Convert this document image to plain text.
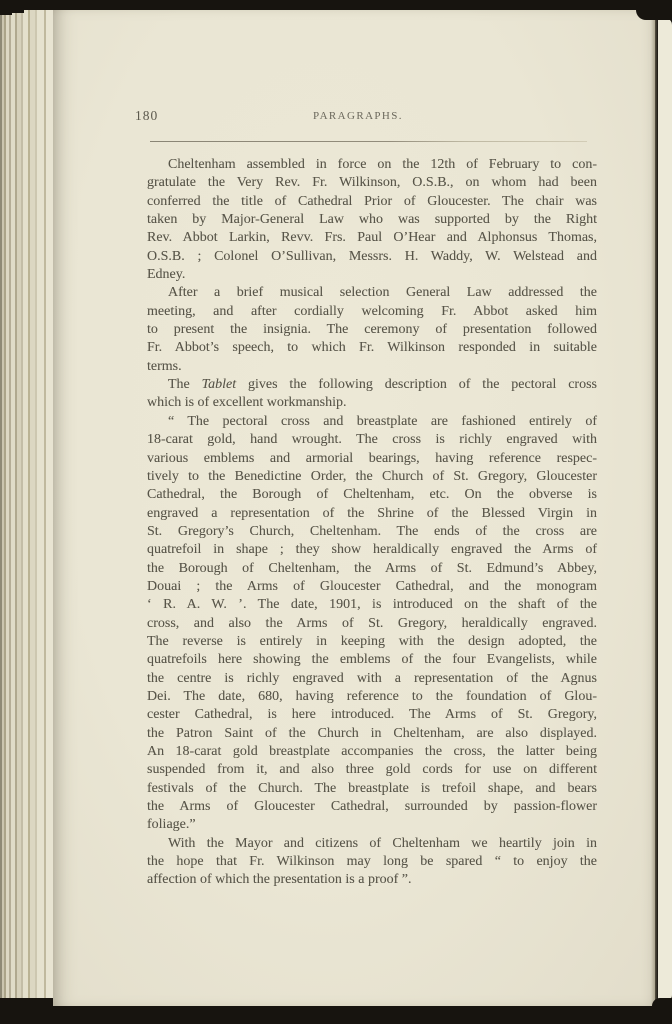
180	PARAGRAPHS.
Cheltenham assembled in force on the 12th of February to con-
gratulate the Very Rev. Fr. Wilkinson, O.S.B., on whom had been
conferred the title of Cathedral Prior of Gloucester. The chair was
taken by Major-General Law who was supported by the Right
Rev. Abbot Larkin, Revv. Frs. Paul O’Hear and Alphonsus Thomas,
O.S.B. ; Colonel O’Sullivan, Messrs. H. Waddy, W. Welstead and
Edney.
After a brief musical selection General Law addressed the
meeting, and after cordially welcoming Fr. Abbot asked him
to present the insignia. The ceremony of presentation followed
Fr. Abbot’s speech, to which Fr. Wilkinson responded in suitable
terms.
The Tablet gives the following description of the pectoral cross
which is of excellent workmanship.
“ The pectoral cross and breastplate are fashioned entirely of
18-carat gold, hand wrought. The cross is richly engraved with
various emblems and armorial bearings, having reference respec-
tively to the Benedictine Order, the Church of St. Gregory, Gloucester
Cathedral, the Borough of Cheltenham, etc. On the obverse is
engraved a representation of the Shrine of the Blessed Virgin in
St. Gregory’s Church, Cheltenham. The ends of the cross are
quatrefoil in shape ; they show heraldically engraved the Arms of
the Borough of Cheltenham, the Arms of St. Edmund’s Abbey,
Douai ; the Arms of Gloucester Cathedral, and the monogram
‘ R. A. W. ’. The date, 1901, is introduced on the shaft of the
cross, and also the Arms of St. Gregory, heraldically engraved.
The reverse is entirely in keeping with the design adopted, the
quatrefoils here showing the emblems of the four Evangelists, while
the centre is richly engraved with a representation of the Agnus
Dei. The date, 680, having reference to the foundation of Glou-
cester Cathedral, is here introduced. The Arms of St. Gregory,
the Patron Saint of the Church in Cheltenham, are also displayed.
An 18-carat gold breastplate accompanies the cross, the latter being
suspended from it, and also three gold cords for use on different
festivals of the Church. The breastplate is trefoil shape, and bears
the Arms of Gloucester Cathedral, surrounded by passion-flower
foliage.”
With the Mayor and citizens of Cheltenham we heartily join in
the hope that Fr. Wilkinson may long be spared “ to enjoy the
affection of which the presentation is a proof ”.
